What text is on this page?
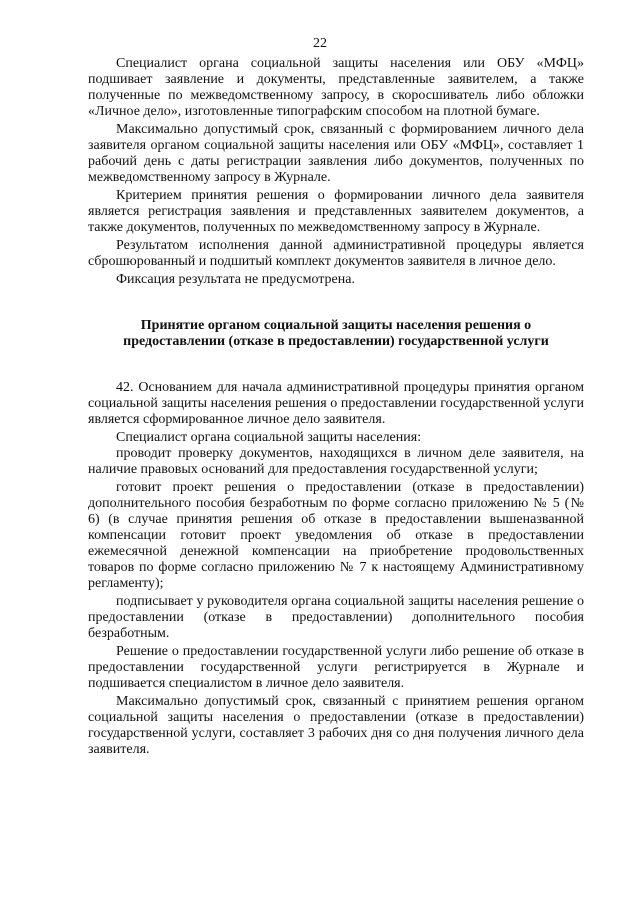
22

Специалист органа социальной защиты населения или ОБУ «МФЦ» подшивает заявление и документы, представленные заявителем, а также полученные по межведомственному запросу, в скоросшиватель либо обложки «Личное дело», изготовленные типографским способом на плотной бумаге.

Максимально допустимый срок, связанный с формированием личного дела заявителя органом социальной защиты населения или ОБУ «МФЦ», составляет 1 рабочий день с даты регистрации заявления либо документов, полученных по межведомственному запросу в Журнале.

Критерием принятия решения о формировании личного дела заявителя является регистрация заявления и представленных заявителем документов, а также документов, полученных по межведомственному запросу в Журнале.

Результатом исполнения данной административной процедуры является сброшюрованный и подшитый комплект документов заявителя в личное дело.

Фиксация результата не предусмотрена.

Принятие органом социальной защиты населения решения о предоставлении (отказе в предоставлении) государственной услуги

42. Основанием для начала административной процедуры принятия органом социальной защиты населения решения о предоставлении государственной услуги является сформированное личное дело заявителя.

Специалист органа социальной защиты населения:

проводит проверку документов, находящихся в личном деле заявителя, на наличие правовых оснований для предоставления государственной услуги;

готовит проект решения о предоставлении (отказе в предоставлении) дополнительного пособия безработным по форме согласно приложению № 5 (№ 6) (в случае принятия решения об отказе в предоставлении вышеназванной компенсации готовит проект уведомления об отказе в предоставлении ежемесячной денежной компенсации на приобретение продовольственных товаров по форме согласно приложению № 7 к настоящему Административному регламенту);

подписывает у руководителя органа социальной защиты населения решение о предоставлении (отказе в предоставлении) дополнительного пособия безработным.

Решение о предоставлении государственной услуги либо решение об отказе в предоставлении государственной услуги регистрируется в Журнале и подшивается специалистом в личное дело заявителя.

Максимально допустимый срок, связанный с принятием решения органом социальной защиты населения о предоставлении (отказе в предоставлении) государственной услуги, составляет 3 рабочих дня со дня получения личного дела заявителя.
